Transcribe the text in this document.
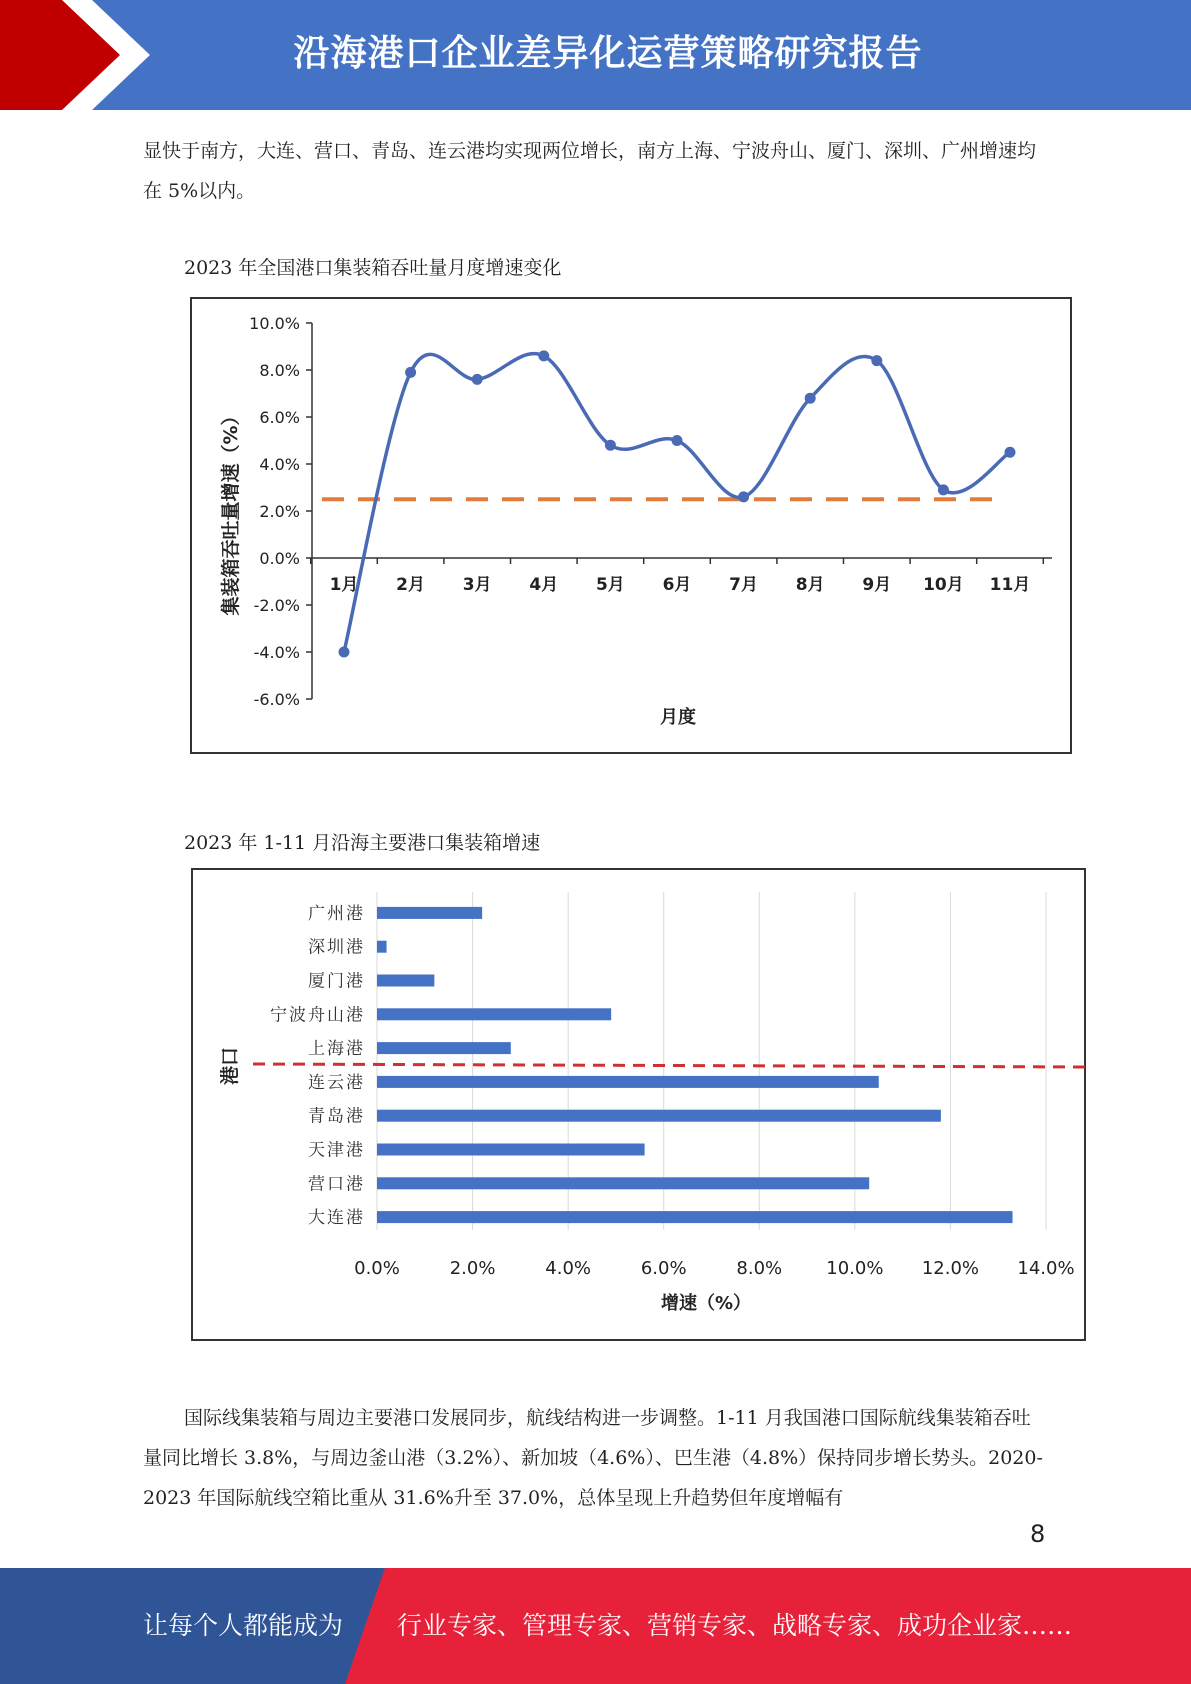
沿海港口企业差异化运营策略研究报告
显快于南方，大连、营口、青岛、连云港均实现两位增长，南方上海、宁波舟山、厦门、深圳、广州增速均在 5%以内。
2023 年全国港口集装箱吞吐量月度增速变化
10.0%
8.0%
6.0%
4.0%
2.0%
0.0%
-2.0%
-4.0%
-6.0%
1月 2月 3月 4月 5月 6月 7月 8月 9月 10月 11月
月度
集装箱吞吐量增速（%）
2023 年 1-11 月沿海主要港口集装箱增速
0.0%	2.0%	4.0%	6.0%	8.0% 10.0% 12.0% 14.0%
广州港
深圳港
厦门港
宁波舟山港
上海港
连云港
青岛港
天津港
营口港
大连港
增速（%）
港口
国际线集装箱与周边主要港口发展同步，航线结构进一步调整。1-11 月我国港口国际航线集装箱吞吐量同比增长 3.8%，与周边釜山港（3.2%）、新加坡（4.6%）、巴生港（4.8%）保持同步增长势头。2020-2023 年国际航线空箱比重从 31.6%升至 37.0%，总体呈现上升趋势但年度增幅有
8
让每个人都能成为 行业专家、管理专家、营销专家、战略专家、成功企业家……
